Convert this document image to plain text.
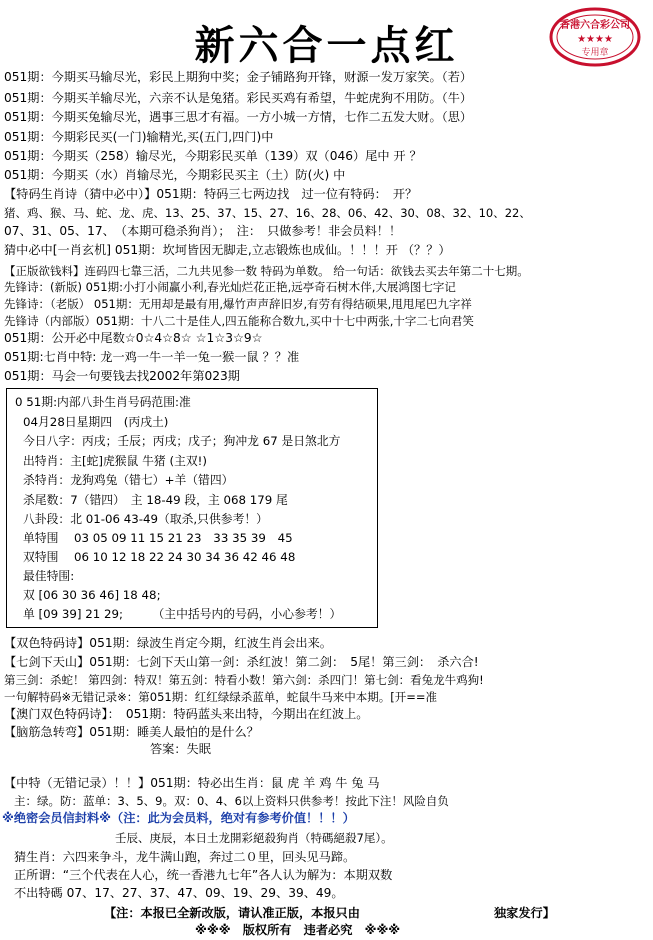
新六合一点红	香港六合彩公司
★★★★
专用章
051期：今期买马输尽光，彩民上期狗中奖；金子铺路狗开锋，财源一发万家笑。（若）
051期：今期买羊输尽光，六亲不认是兔猪。彩民买鸡有希望，牛蛇虎狗不用防。（牛）
051期：今期买兔输尽光，遇事三思才有福。一方小城一方情，七作二五发大财。（思）
051期：今期彩民买(一门)输精光,买(五门,四门)中
051期：今期买（258）输尽光，今期彩民买单（139）双（046）尾中 开 ？
051期：今期买（水）肖输尽光，今期彩民买主（土）防(火) 中
【特码生肖诗（猜中必中）】051期：特码三七两边找　过一位有特码：　开？
猪、鸡、猴、马、蛇、龙、虎、13、25、37、15、27、16、28、06、42、30、08、32、10、22、
07、31、05、17、　（本期可稳杀狗肖）；　注：　只做参考！非会员料！！
猜中必中[一肖玄机] 051期：坎坷皆因无脚走,立志锻炼也成仙。！！！开 （？？）
【正版欲钱料】连码四七靠三活，二九共见参一数 特码为单数。 给一句话：欲钱去买去年第二十七期。
先锋诗：(新版) 051期:小打小闹赢小利,春光灿烂花正艳,远亭奇石树木伴,大展鸿图七字记
先锋诗：（老版） 051期：无用却是最有用,爆竹声声辞旧岁,有劳有得结硕果,甩甩尾巴九字祥
先锋诗（内部版）051期：十八二十是佳人,四五能称合数九,买中十七中两张,十字二七向君笑
051期：公开必中尾数☆0☆4☆8☆ ☆1☆3☆9☆
051期:七肖中特: 龙一鸡一牛一羊一兔一猴一鼠 ？？准
051期：马会一句要钱去找2002年第023期
0 51期:内部八卦生肖号码范围:准
04月28日星期四　(丙戌土)
今日八字：丙戌；壬辰；丙戌；戊子；狗冲龙 67 是日煞北方
出特肖：主[蛇]虎猴鼠 牛猪 (主双!)
杀特肖：龙狗鸡兔（错七）+羊（错四）
杀尾数：7（错四）　主 18-49 段，主 068 179 尾
八卦段：北 01-06 43-49（取杀,只供参考！）
单特围　 03 05 09 11 15 21 23　33 35 39　45
双特围　 06 10 12 18 22 24 30 34 36 42 46 48
最佳特围:
双 [06 30 36 46] 18 48;
单 [09 39] 21 29;　　　（主中括号内的号码，小心参考！）
【双色特码诗】051期：绿波生肖定今期，红波生肖会出来。
【七剑下天山】051期：七剑下天山第一剑：杀红波！第二剑：　5尾！第三剑：　杀六合!
第三剑：杀蛇！ 第四剑：特双！第五剑：特看小数！第六剑：杀四门！第七剑：看兔龙牛鸡狗!
一句解特码※无错记录※：第051期：红红绿绿杀蓝单，蛇鼠牛马来中本期。[开==准
【澳门双色特码诗】：　051期：特码蓝头来出特，今期出在红波上。
【脑筋急转弯】051期：睡美人最怕的是什么？
答案：失眠
【中特（无错记录）！！】051期：特必出生肖：鼠 虎 羊 鸡 牛 兔 马
主：绿。防：蓝单：3、5、9。双：0、4、6以上资料只供参考！按此下注！风险自负
※绝密会员信封料※（注：此为会员料，绝对有参考价值！！！）
壬辰、庚辰，本日土龙開彩絕殺狗肖（特碼絕殺7尾）。
猜生肖：六四来争斗，龙牛满山跑，奔过二０里，回头见马蹄。
正所谓：“三个代表在人心，统一香港九七年”各人认为解为：本期双数
不出特碼 07、17、27、37、47、09、19、29、39、49。
【注：本报已全新改版，请认准正版，本报只由	独家发行】
※※※　版权所有　违者必究　※※※
